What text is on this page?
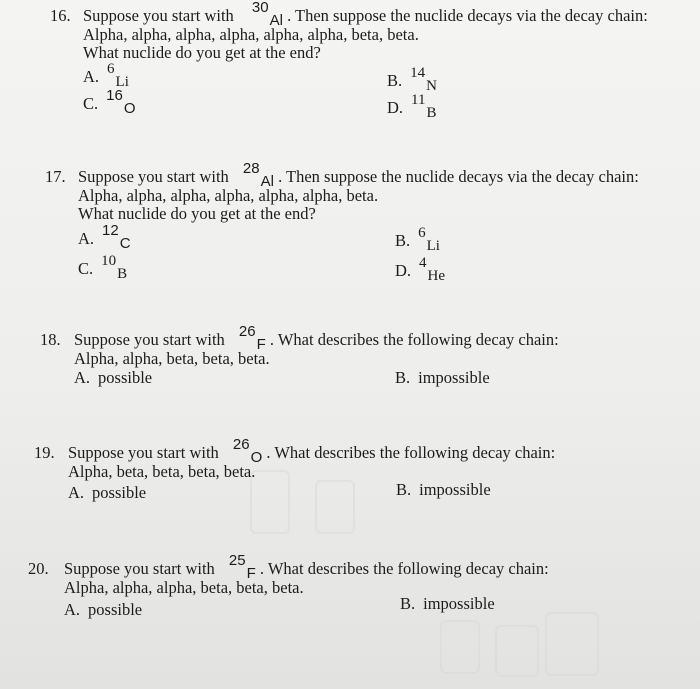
16. Suppose you start with 30Al . Then suppose the nuclide decays via the decay chain:
Alpha, alpha, alpha, alpha, alpha, alpha, beta, beta.
What nuclide do you get at the end?
A. 6Li	B. 14N
C. 16O	D. 11B
17. Suppose you start with 28Al . Then suppose the nuclide decays via the decay chain:
Alpha, alpha, alpha, alpha, alpha, alpha, beta.
What nuclide do you get at the end?
A. 12C	B. 6Li
C. 10B	D. 4He
18. Suppose you start with 26F . What describes the following decay chain:
Alpha, alpha, beta, beta, beta.
A. possible	B. impossible
19. Suppose you start with 26O . What describes the following decay chain:
Alpha, beta, beta, beta, beta.
A. possible	B. impossible
20. Suppose you start with 25F . What describes the following decay chain:
Alpha, alpha, alpha, beta, beta, beta.
A. possible	B. impossible
